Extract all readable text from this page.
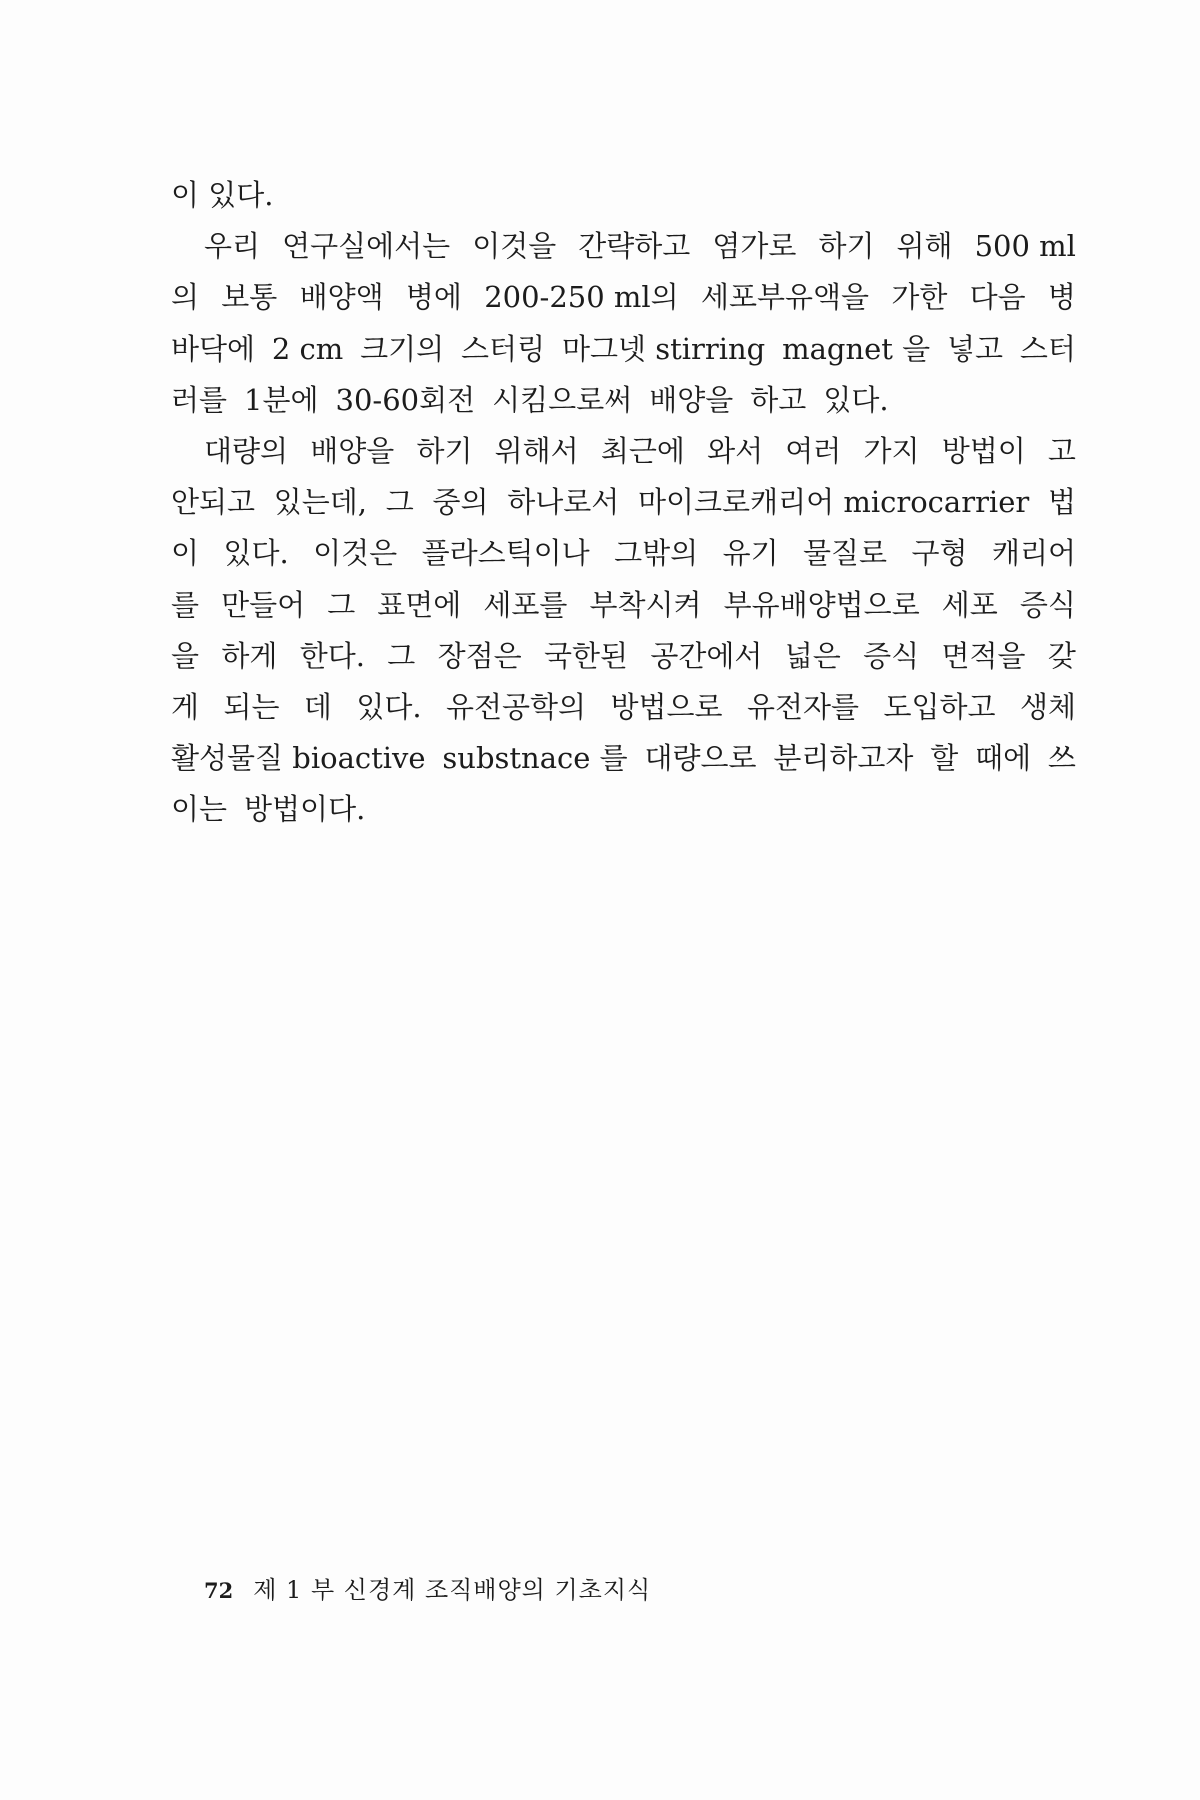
이 있다.
우리 연구실에서는 이것을 간략하고 염가로 하기 위해 500 ml
의 보통 배양액 병에 200-250 ml의 세포부유액을 가한 다음 병
바닥에 2 cm 크기의 스터링 마그넷 stirring magnet 을 넣고 스터
러를 1분에 30-60회전 시킴으로써 배양을 하고 있다.
대량의 배양을 하기 위해서 최근에 와서 여러 가지 방법이 고
안되고 있는데, 그 중의 하나로서 마이크로캐리어 microcarrier 법
이 있다. 이것은 플라스틱이나 그밖의 유기 물질로 구형 캐리어
를 만들어 그 표면에 세포를 부착시켜 부유배양법으로 세포 증식
을 하게 한다. 그 장점은 국한된 공간에서 넓은 증식 면적을 갖
게 되는 데 있다. 유전공학의 방법으로 유전자를 도입하고 생체
활성물질 bioactive substnace 를 대량으로 분리하고자 할 때에 쓰
이는 방법이다.
72 제 1 부 신경계 조직배양의 기초지식
